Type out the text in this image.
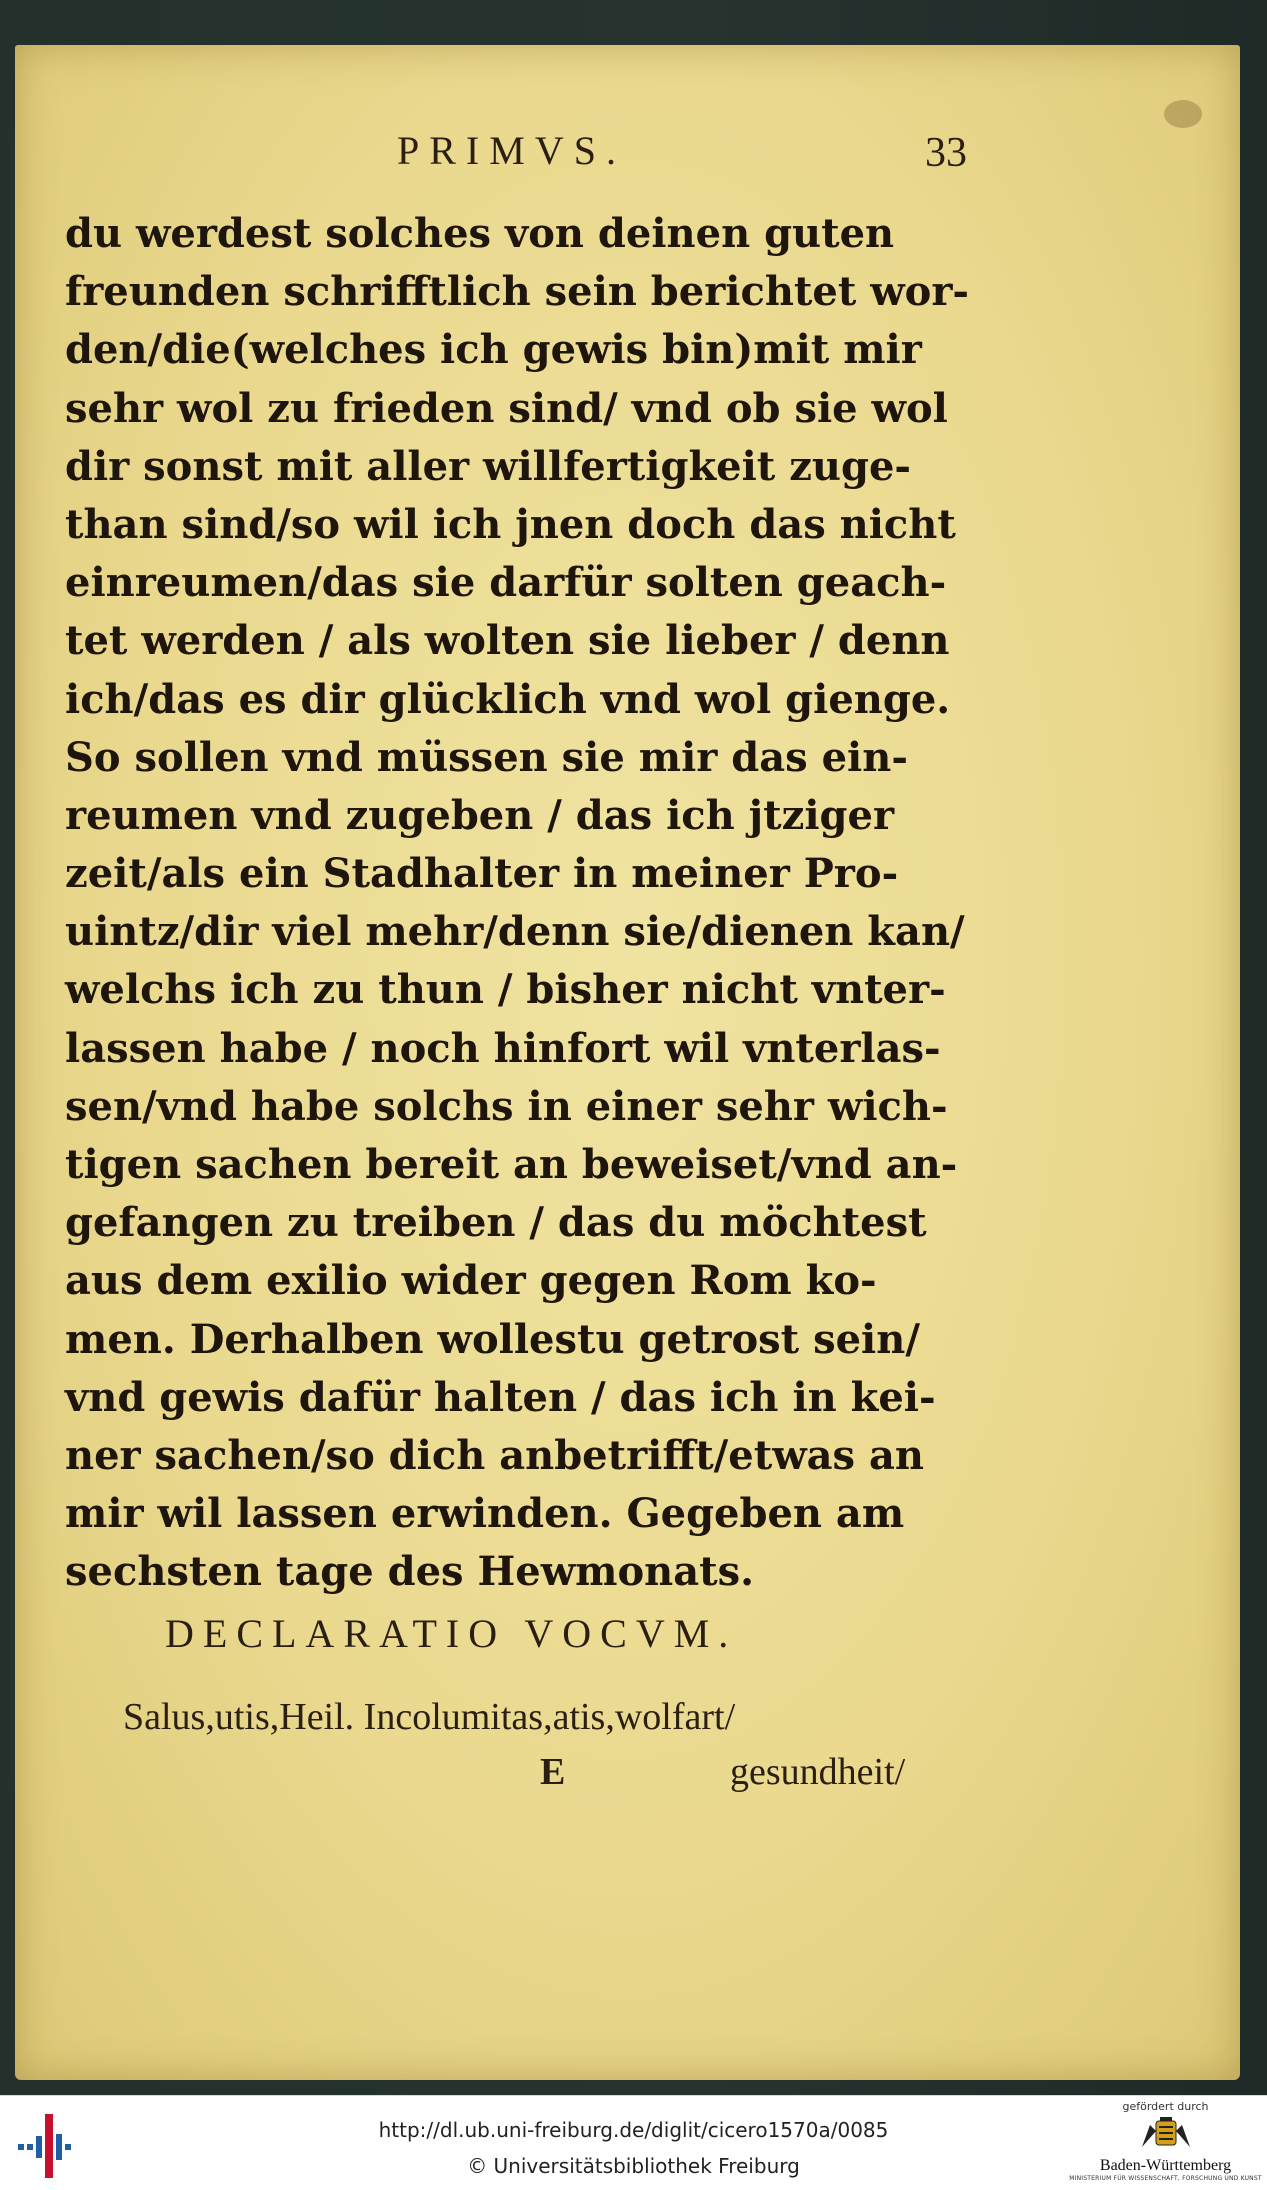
PRIMVS.	33
du werdest solches von deinen guten
freunden schrifftlich sein berichtet wor-
den/die(welches ich gewis bin)mit mir
sehr wol zu frieden sind/ vnd ob sie wol
dir sonst mit aller willfertigkeit zuge-
than sind/so wil ich jnen doch das nicht
einreumen/das sie darfür solten geach-
tet werden / als wolten sie lieber / denn
ich/das es dir glücklich vnd wol gienge.
So sollen vnd müssen sie mir das ein-
reumen vnd zugeben / das ich jtziger
zeit/als ein Stadhalter in meiner Pro-
uintz/dir viel mehr/denn sie/dienen kan/
welchs ich zu thun / bisher nicht vnter-
lassen habe / noch hinfort wil vnterlas-
sen/vnd habe solchs in einer sehr wich-
tigen sachen bereit an beweiset/vnd an-
gefangen zu treiben / das du möchtest
aus dem exilio wider gegen Rom ko-
men. Derhalben wollestu getrost sein/
vnd gewis dafür halten / das ich in kei-
ner sachen/so dich anbetrifft/etwas an
mir wil lassen erwinden. Gegeben am
sechsten tage des Hewmonats.
DECLARATIO VOCVM.
Salus,utis,Heil. Incolumitas,atis,wolfart/
E	gesundheit/
http://dl.ub.uni-freiburg.de/diglit/cicero1570a/0085
© Universitätsbibliothek Freiburg
gefördert durch
Baden-Württemberg
MINISTERIUM FÜR WISSENSCHAFT, FORSCHUNG UND KUNST
